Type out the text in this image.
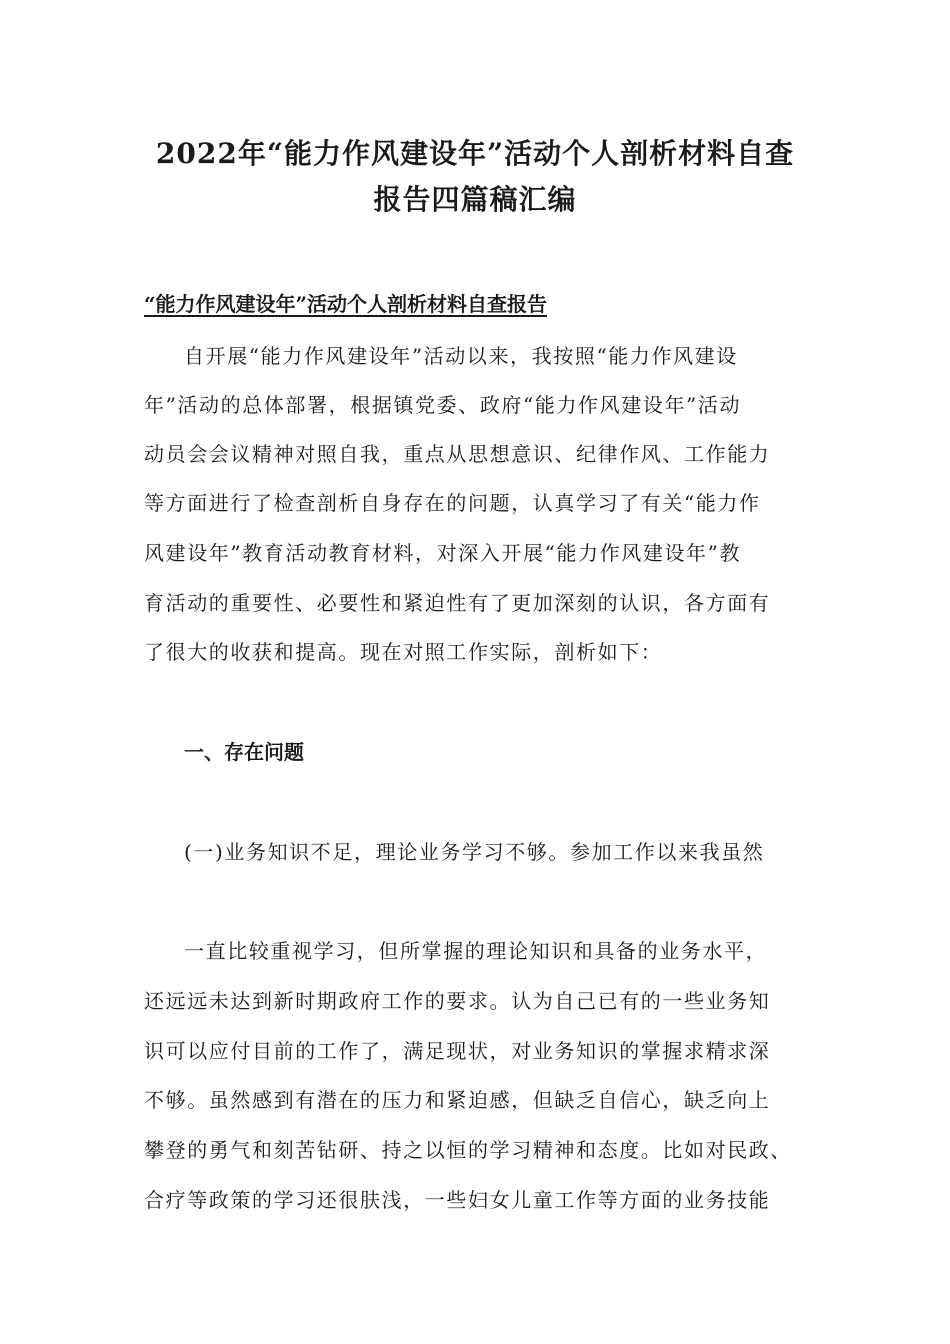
2022年“能力作风建设年”活动个人剖析材料自查
报告四篇稿汇编
“能力作风建设年”活动个人剖析材料自查报告
自开展“能力作风建设年”活动以来，我按照“能力作风建设
年”活动的总体部署，根据镇党委、政府“能力作风建设年”活动
动员会会议精神对照自我，重点从思想意识、纪律作风、工作能力
等方面进行了检查剖析自身存在的问题，认真学习了有关“能力作
风建设年”教育活动教育材料，对深入开展“能力作风建设年”教
育活动的重要性、必要性和紧迫性有了更加深刻的认识，各方面有
了很大的收获和提高。现在对照工作实际，剖析如下：
一、存在问题
(一)业务知识不足，理论业务学习不够。参加工作以来我虽然
一直比较重视学习，但所掌握的理论知识和具备的业务水平，
还远远未达到新时期政府工作的要求。认为自己已有的一些业务知
识可以应付目前的工作了，满足现状，对业务知识的掌握求精求深
不够。虽然感到有潜在的压力和紧迫感，但缺乏自信心，缺乏向上
攀登的勇气和刻苦钻研、持之以恒的学习精神和态度。比如对民政、
合疗等政策的学习还很肤浅，一些妇女儿童工作等方面的业务技能
